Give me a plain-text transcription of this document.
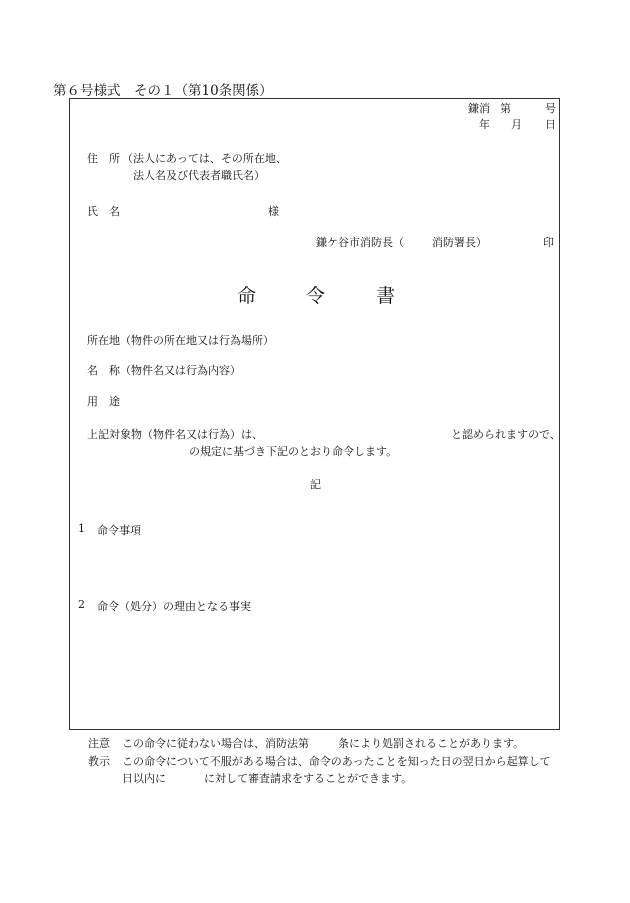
第６号様式　その１（第10条関係）
鎌消 第	号
年 月 日
住　所 （法人にあっては、その所在地、
法人名及び代表者職氏名）
氏　名	様
鎌ケ谷市消防長（	消防署長）	印
命	令	書
所在地（物件の所在地又は行為場所）
名　称（物件名又は行為内容）
用　途
上記対象物（物件名又は行為）は、	と認められますので、
の規定に基づき下記のとおり命令します。
記
1 命令事項
2 命令（処分）の理由となる事実
注意 この命令に従わない場合は、消防法第	条により処罰されることがあります。
教示 この命令について不服がある場合は、命令のあったことを知った日の翌日から起算して
日以内に	に対して審査請求をすることができます。
